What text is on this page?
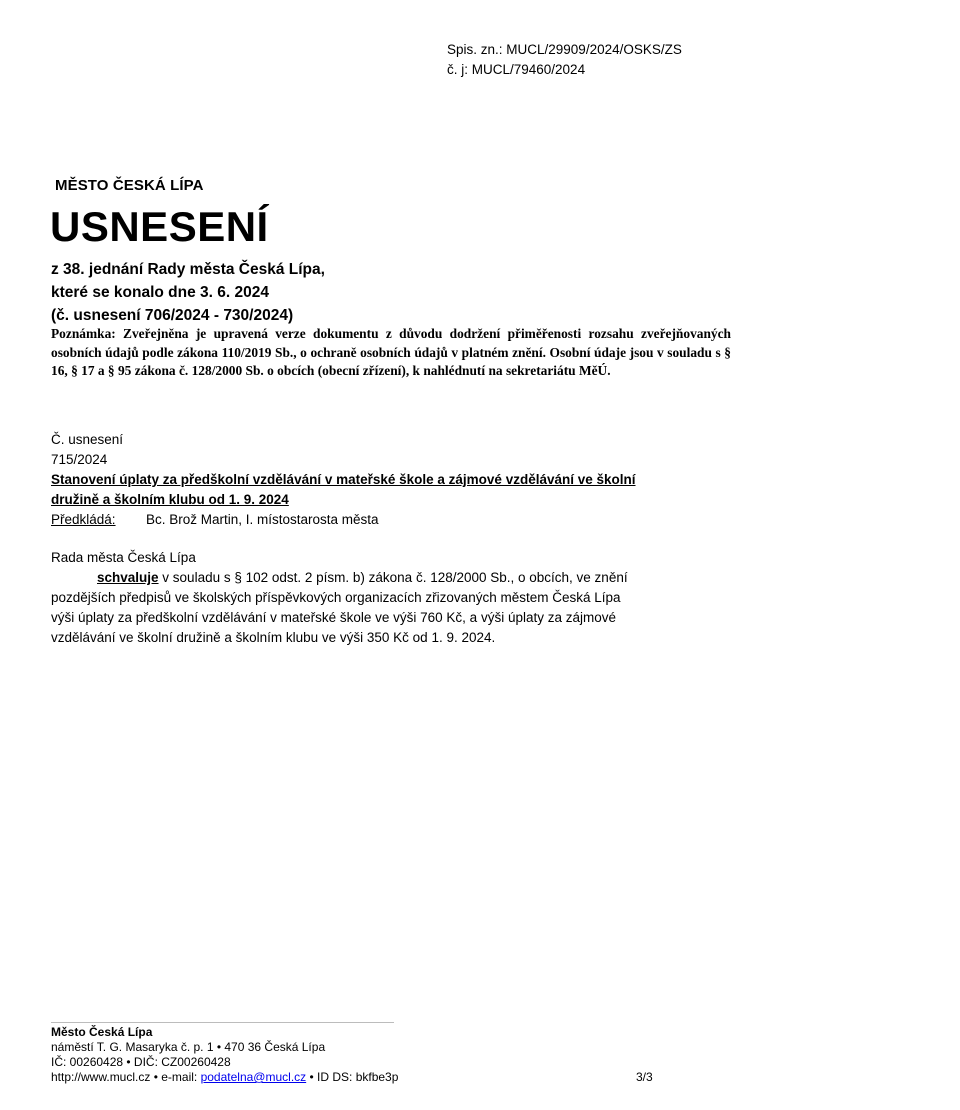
Spis. zn.: MUCL/29909/2024/OSKS/ZS
č. j: MUCL/79460/2024
MĚSTO ČESKÁ LÍPA
USNESENÍ
z 38. jednání Rady města Česká Lípa,
které se konalo dne 3. 6. 2024
(č. usnesení 706/2024 - 730/2024)
Poznámka: Zveřejněna je upravená verze dokumentu z důvodu dodržení přiměřenosti rozsahu zveřejňovaných osobních údajů podle zákona 110/2019 Sb., o ochraně osobních údajů v platném znění. Osobní údaje jsou v souladu s § 16, § 17 a § 95 zákona č. 128/2000 Sb. o obcích (obecní zřízení), k nahlédnutí na sekretariátu MěÚ.
Č. usnesení
715/2024
Stanovení úplaty za předškolní vzdělávání v mateřské škole a zájmové vzdělávání ve školní
družině a školním klubu od 1. 9. 2024
Předkládá:	Bc. Brož Martin, I. místostarosta města
Rada města Česká Lípa
schvaluje v souladu s § 102 odst. 2 písm. b) zákona č. 128/2000 Sb., o obcích, ve znění
pozdějších předpisů ve školských příspěvkových organizacích zřizovaných městem Česká Lípa
výši úplaty za předškolní vzdělávání v mateřské škole ve výši 760 Kč, a výši úplaty za zájmové
vzdělávání ve školní družině a školním klubu ve výši 350 Kč od 1. 9. 2024.
Město Česká Lípa
náměstí T. G. Masaryka č. p. 1 • 470 36 Česká Lípa
IČ: 00260428 • DIČ: CZ00260428
http://www.mucl.cz • e-mail: podatelna@mucl.cz • ID DS: bkfbe3p	3/3
